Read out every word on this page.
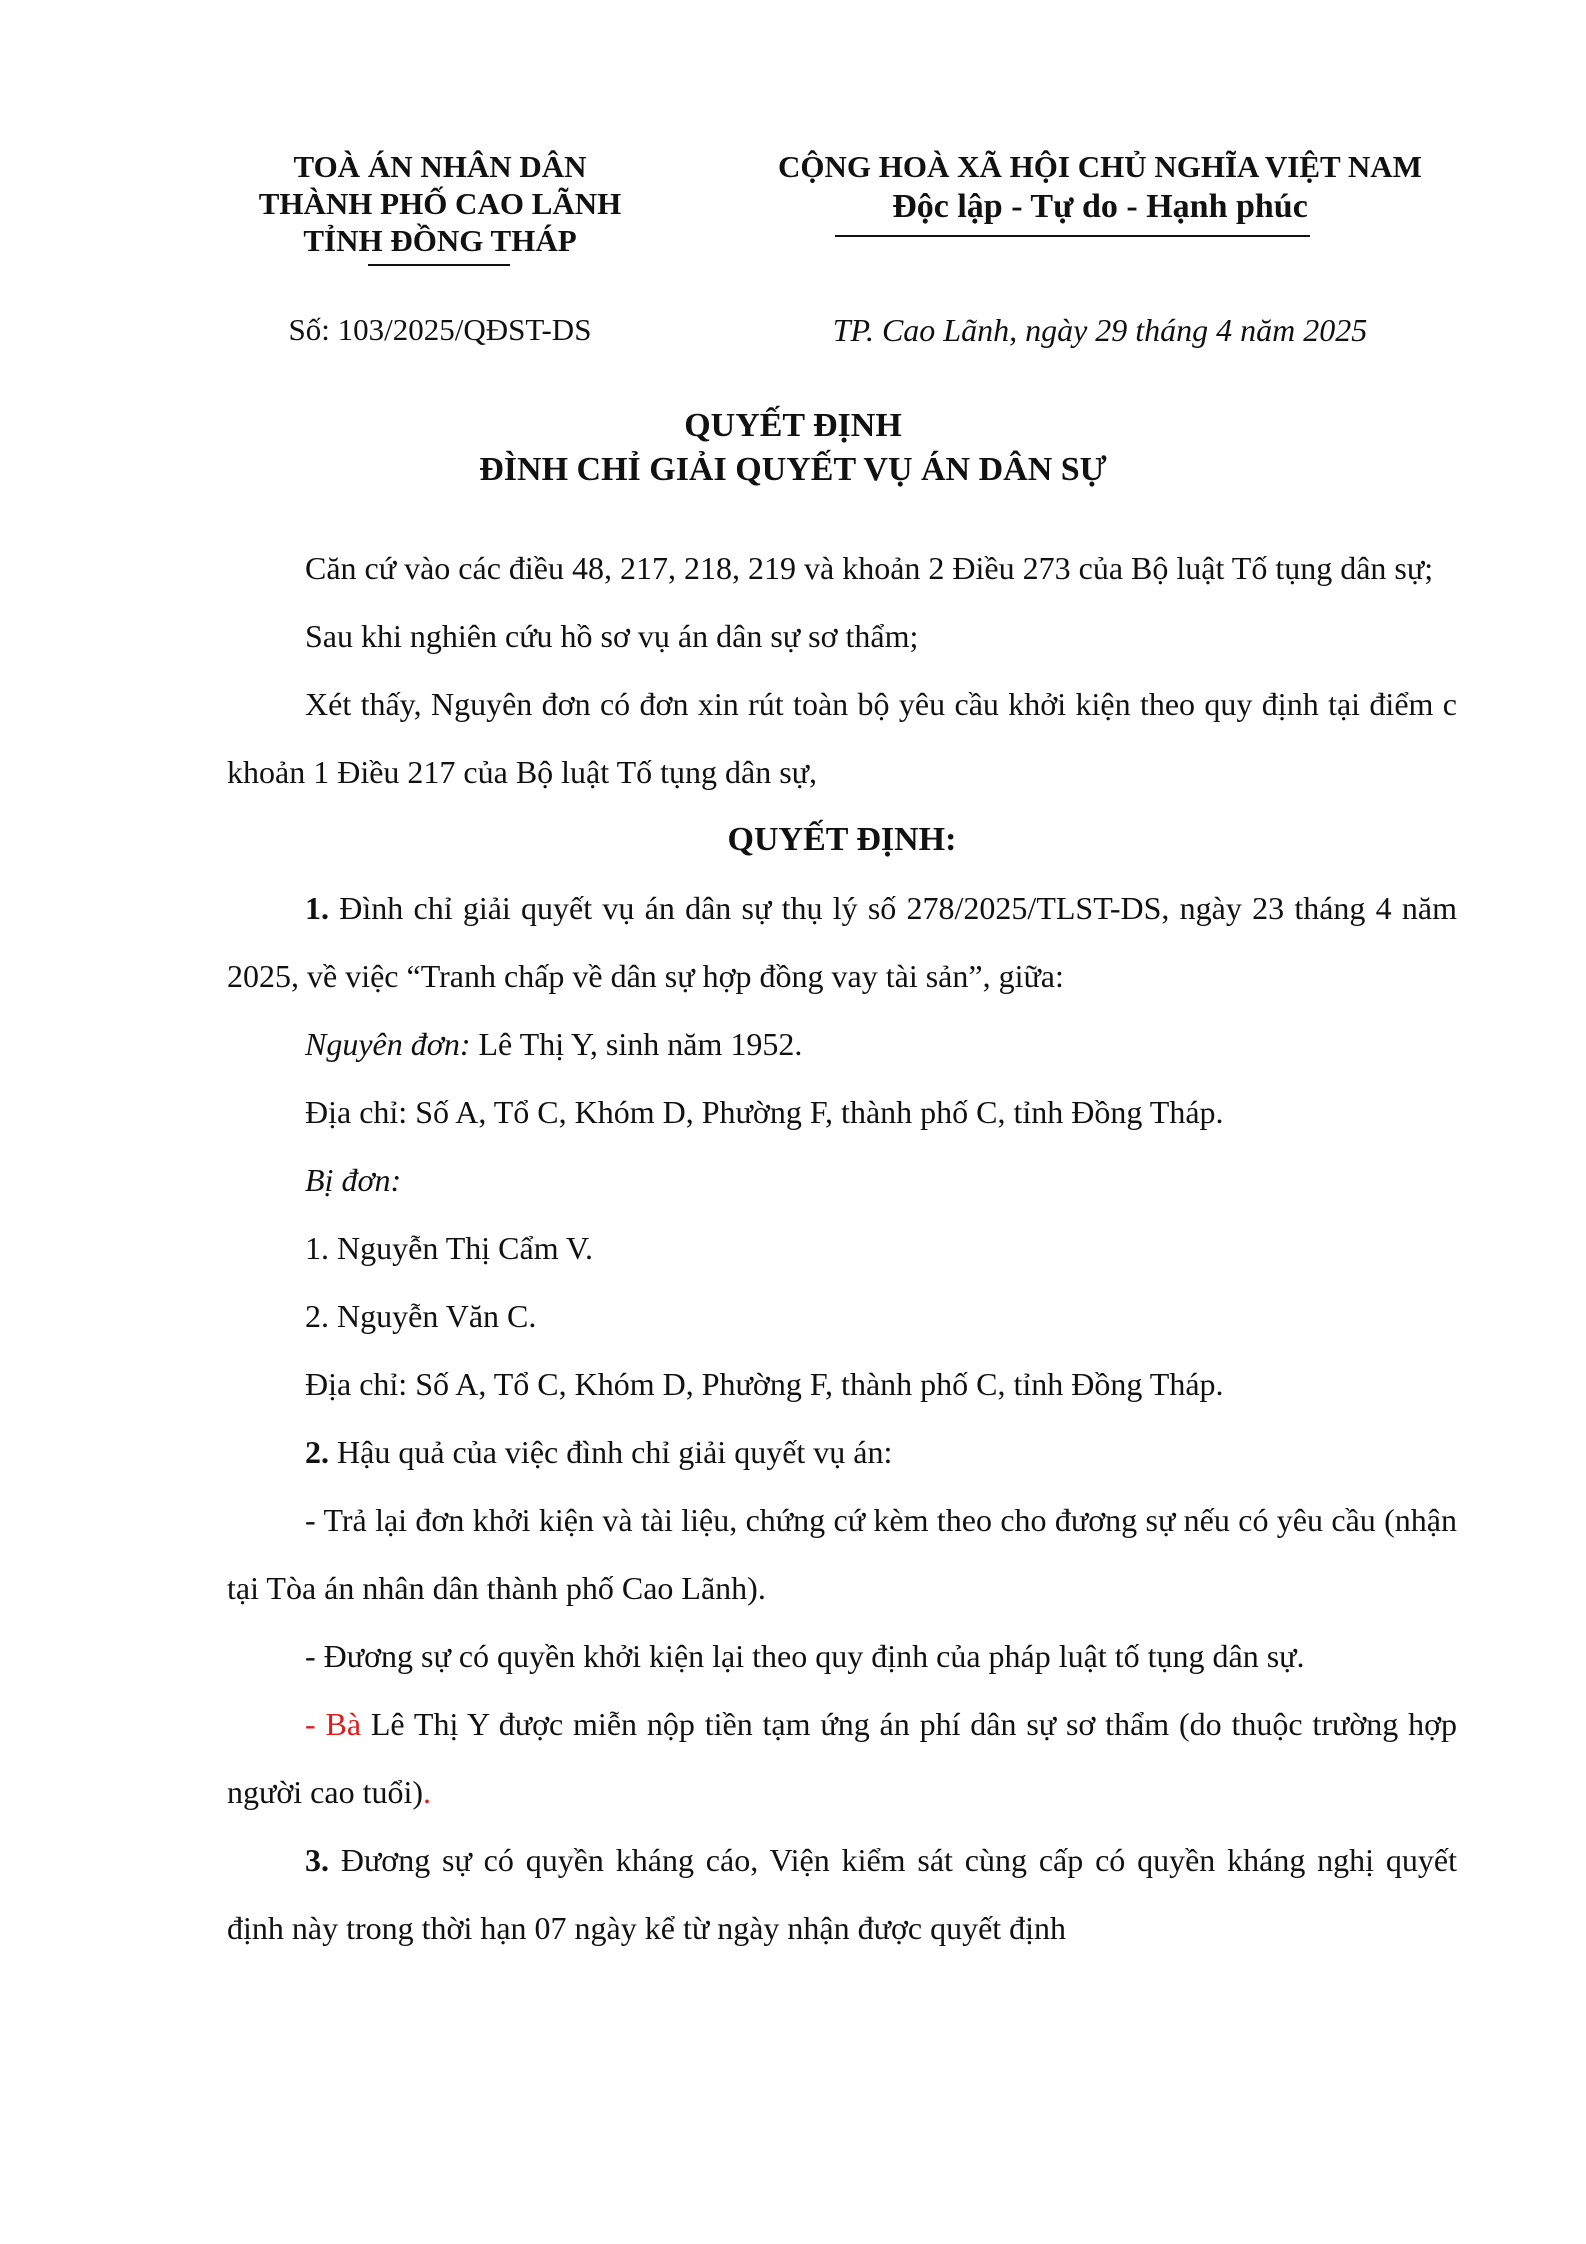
TOÀ ÁN NHÂN DÂN
THÀNH PHỐ CAO LÃNH
TỈNH ĐỒNG THÁP
CỘNG HOÀ XÃ HỘI CHỦ NGHĨA VIỆT NAM
Độc lập - Tự do - Hạnh phúc
Số: 103/2025/QĐST-DS	TP. Cao Lãnh, ngày 29 tháng 4 năm 2025
QUYẾT ĐỊNH
ĐÌNH CHỈ GIẢI QUYẾT VỤ ÁN DÂN SỰ

Căn cứ vào các điều 48, 217, 218, 219 và khoản 2 Điều 273 của Bộ luật Tố tụng dân sự;

Sau khi nghiên cứu hồ sơ vụ án dân sự sơ thẩm;

Xét thấy, Nguyên đơn có đơn xin rút toàn bộ yêu cầu khởi kiện theo quy định tại điểm c khoản 1 Điều 217 của Bộ luật Tố tụng dân sự,

QUYẾT ĐỊNH:

1. Đình chỉ giải quyết vụ án dân sự thụ lý số 278/2025/TLST-DS, ngày 23 tháng 4 năm 2025, về việc “Tranh chấp về dân sự hợp đồng vay tài sản”, giữa:

Nguyên đơn: Lê Thị Y, sinh năm 1952.

Địa chỉ: Số A, Tổ C, Khóm D, Phường F, thành phố C, tỉnh Đồng Tháp.

Bị đơn:

1. Nguyễn Thị Cẩm V.

2. Nguyễn Văn C.

Địa chỉ: Số A, Tổ C, Khóm D, Phường F, thành phố C, tỉnh Đồng Tháp.

2. Hậu quả của việc đình chỉ giải quyết vụ án:

- Trả lại đơn khởi kiện và tài liệu, chứng cứ kèm theo cho đương sự nếu có yêu cầu (nhận tại Tòa án nhân dân thành phố Cao Lãnh).

- Đương sự có quyền khởi kiện lại theo quy định của pháp luật tố tụng dân sự.

- Bà Lê Thị Y được miễn nộp tiền tạm ứng án phí dân sự sơ thẩm (do thuộc trường hợp người cao tuổi).

3. Đương sự có quyền kháng cáo, Viện kiểm sát cùng cấp có quyền kháng nghị quyết định này trong thời hạn 07 ngày kể từ ngày nhận được quyết định
